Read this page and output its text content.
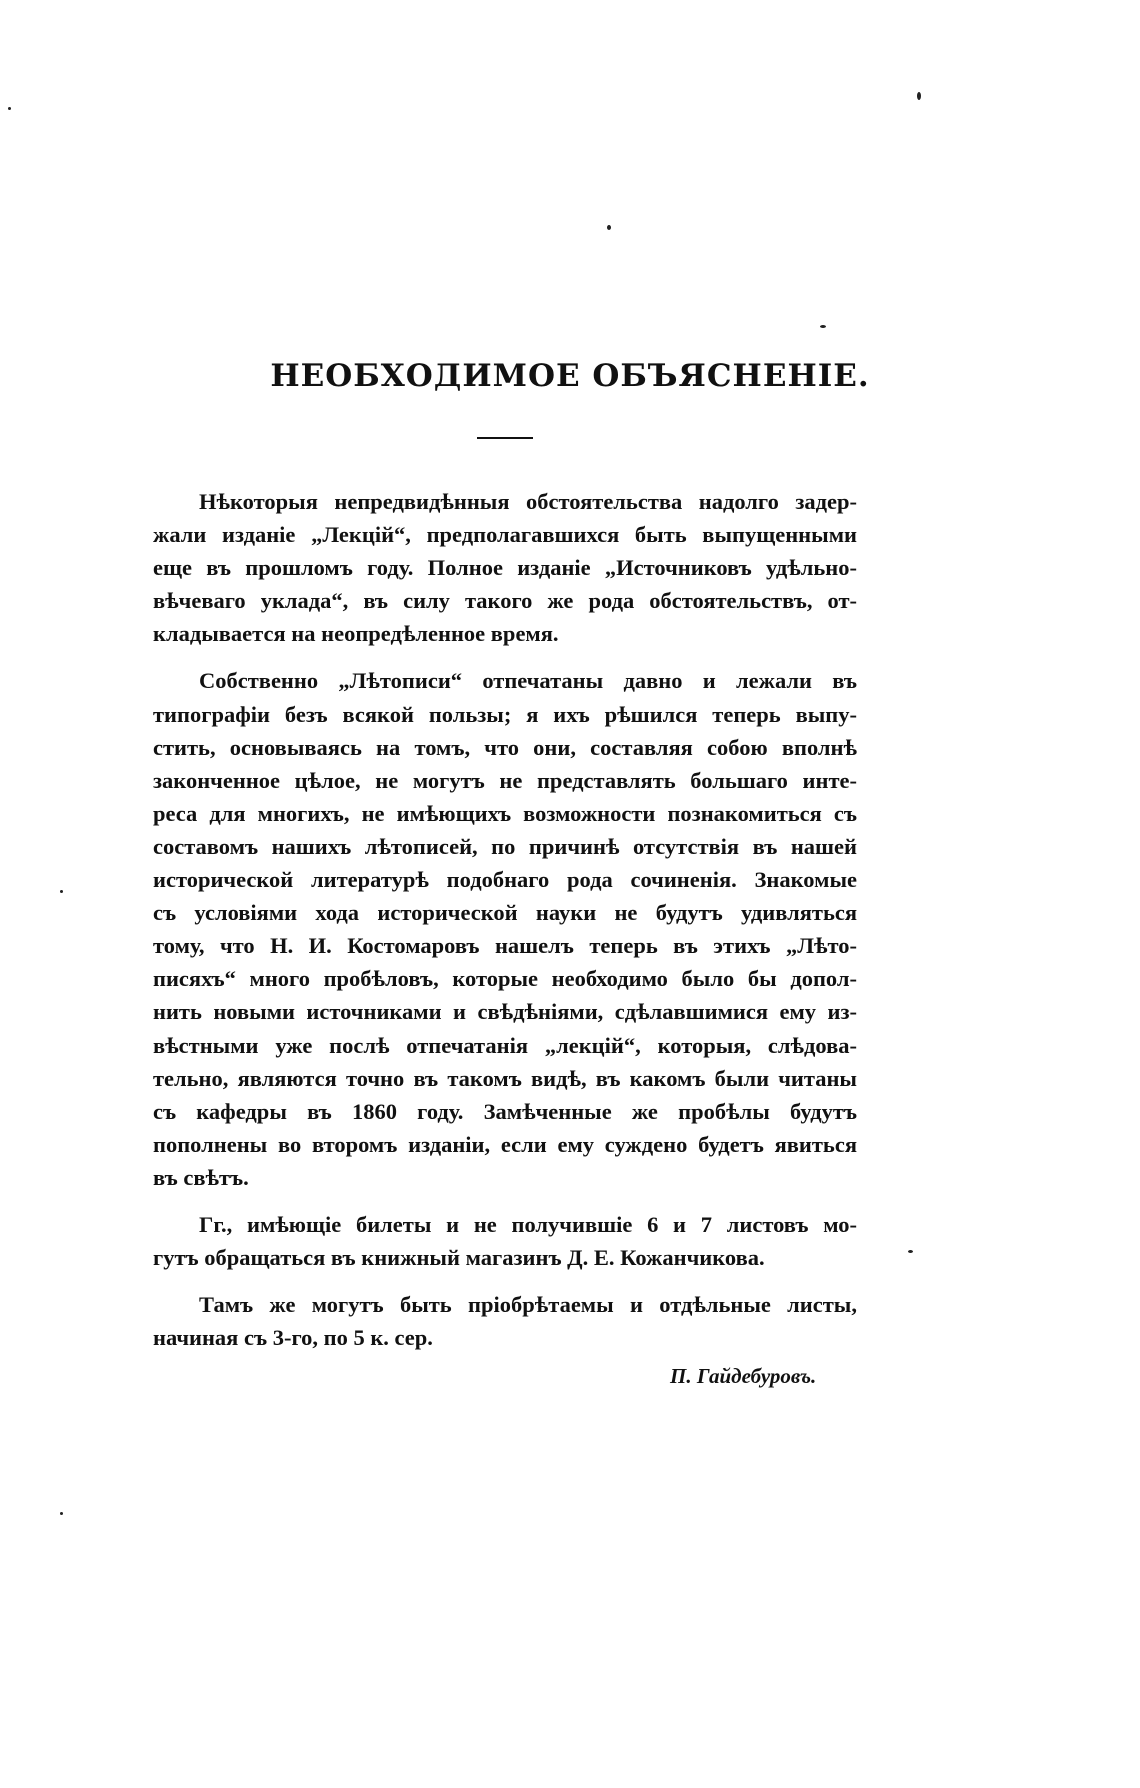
НЕОБХОДИМОЕ ОБЪЯСНЕНIЕ.
Нѣкоторыя непредвидѣнныя обстоятельства надолго задер-
жали изданiе „Лекцiй“, предполагавшихся быть выпущенными
еще въ прошломъ году. Полное изданiе „Источниковъ удѣльно-
вѣчеваго уклада“, въ силу такого же рода обстоятельствъ, от-
кладывается на неопредѣленное время.
Собственно „Лѣтописи“ отпечатаны давно и лежали въ
типографiи безъ всякой пользы; я ихъ рѣшился теперь выпу-
стить, основываясь на томъ, что они, составляя собою вполнѣ
законченное цѣлое, не могутъ не представлять большаго инте-
реса для многихъ, не имѣющихъ возможности познакомиться съ
составомъ нашихъ лѣтописей, по причинѣ отсутствiя въ нашей
исторической литературѣ подобнаго рода сочиненiя. Знакомые
съ условiями хода исторической науки не будутъ удивляться
тому, что Н. И. Костомаровъ нашелъ теперь въ этихъ „Лѣто-
писяхъ“ много пробѣловъ, которые необходимо было бы допол-
нить новыми источниками и свѣдѣнiями, сдѣлавшимися ему из-
вѣстными уже послѣ отпечатанiя „лекцiй“, которыя, слѣдова-
тельно, являются точно въ такомъ видѣ, въ какомъ были читаны
съ кафедры въ 1860 году. Замѣченные же пробѣлы будутъ
пополнены во второмъ изданiи, если ему суждено будетъ явиться
въ свѣтъ.
Гг., имѣющiе билеты и не получившiе 6 и 7 листовъ мо-
гутъ обращаться въ книжный магазинъ Д. Е. Кожанчикова.
Тамъ же могутъ быть прiобрѣтаемы и отдѣльные листы,
начиная съ 3-го, по 5 к. сер.
П. Гайдебуровъ.
